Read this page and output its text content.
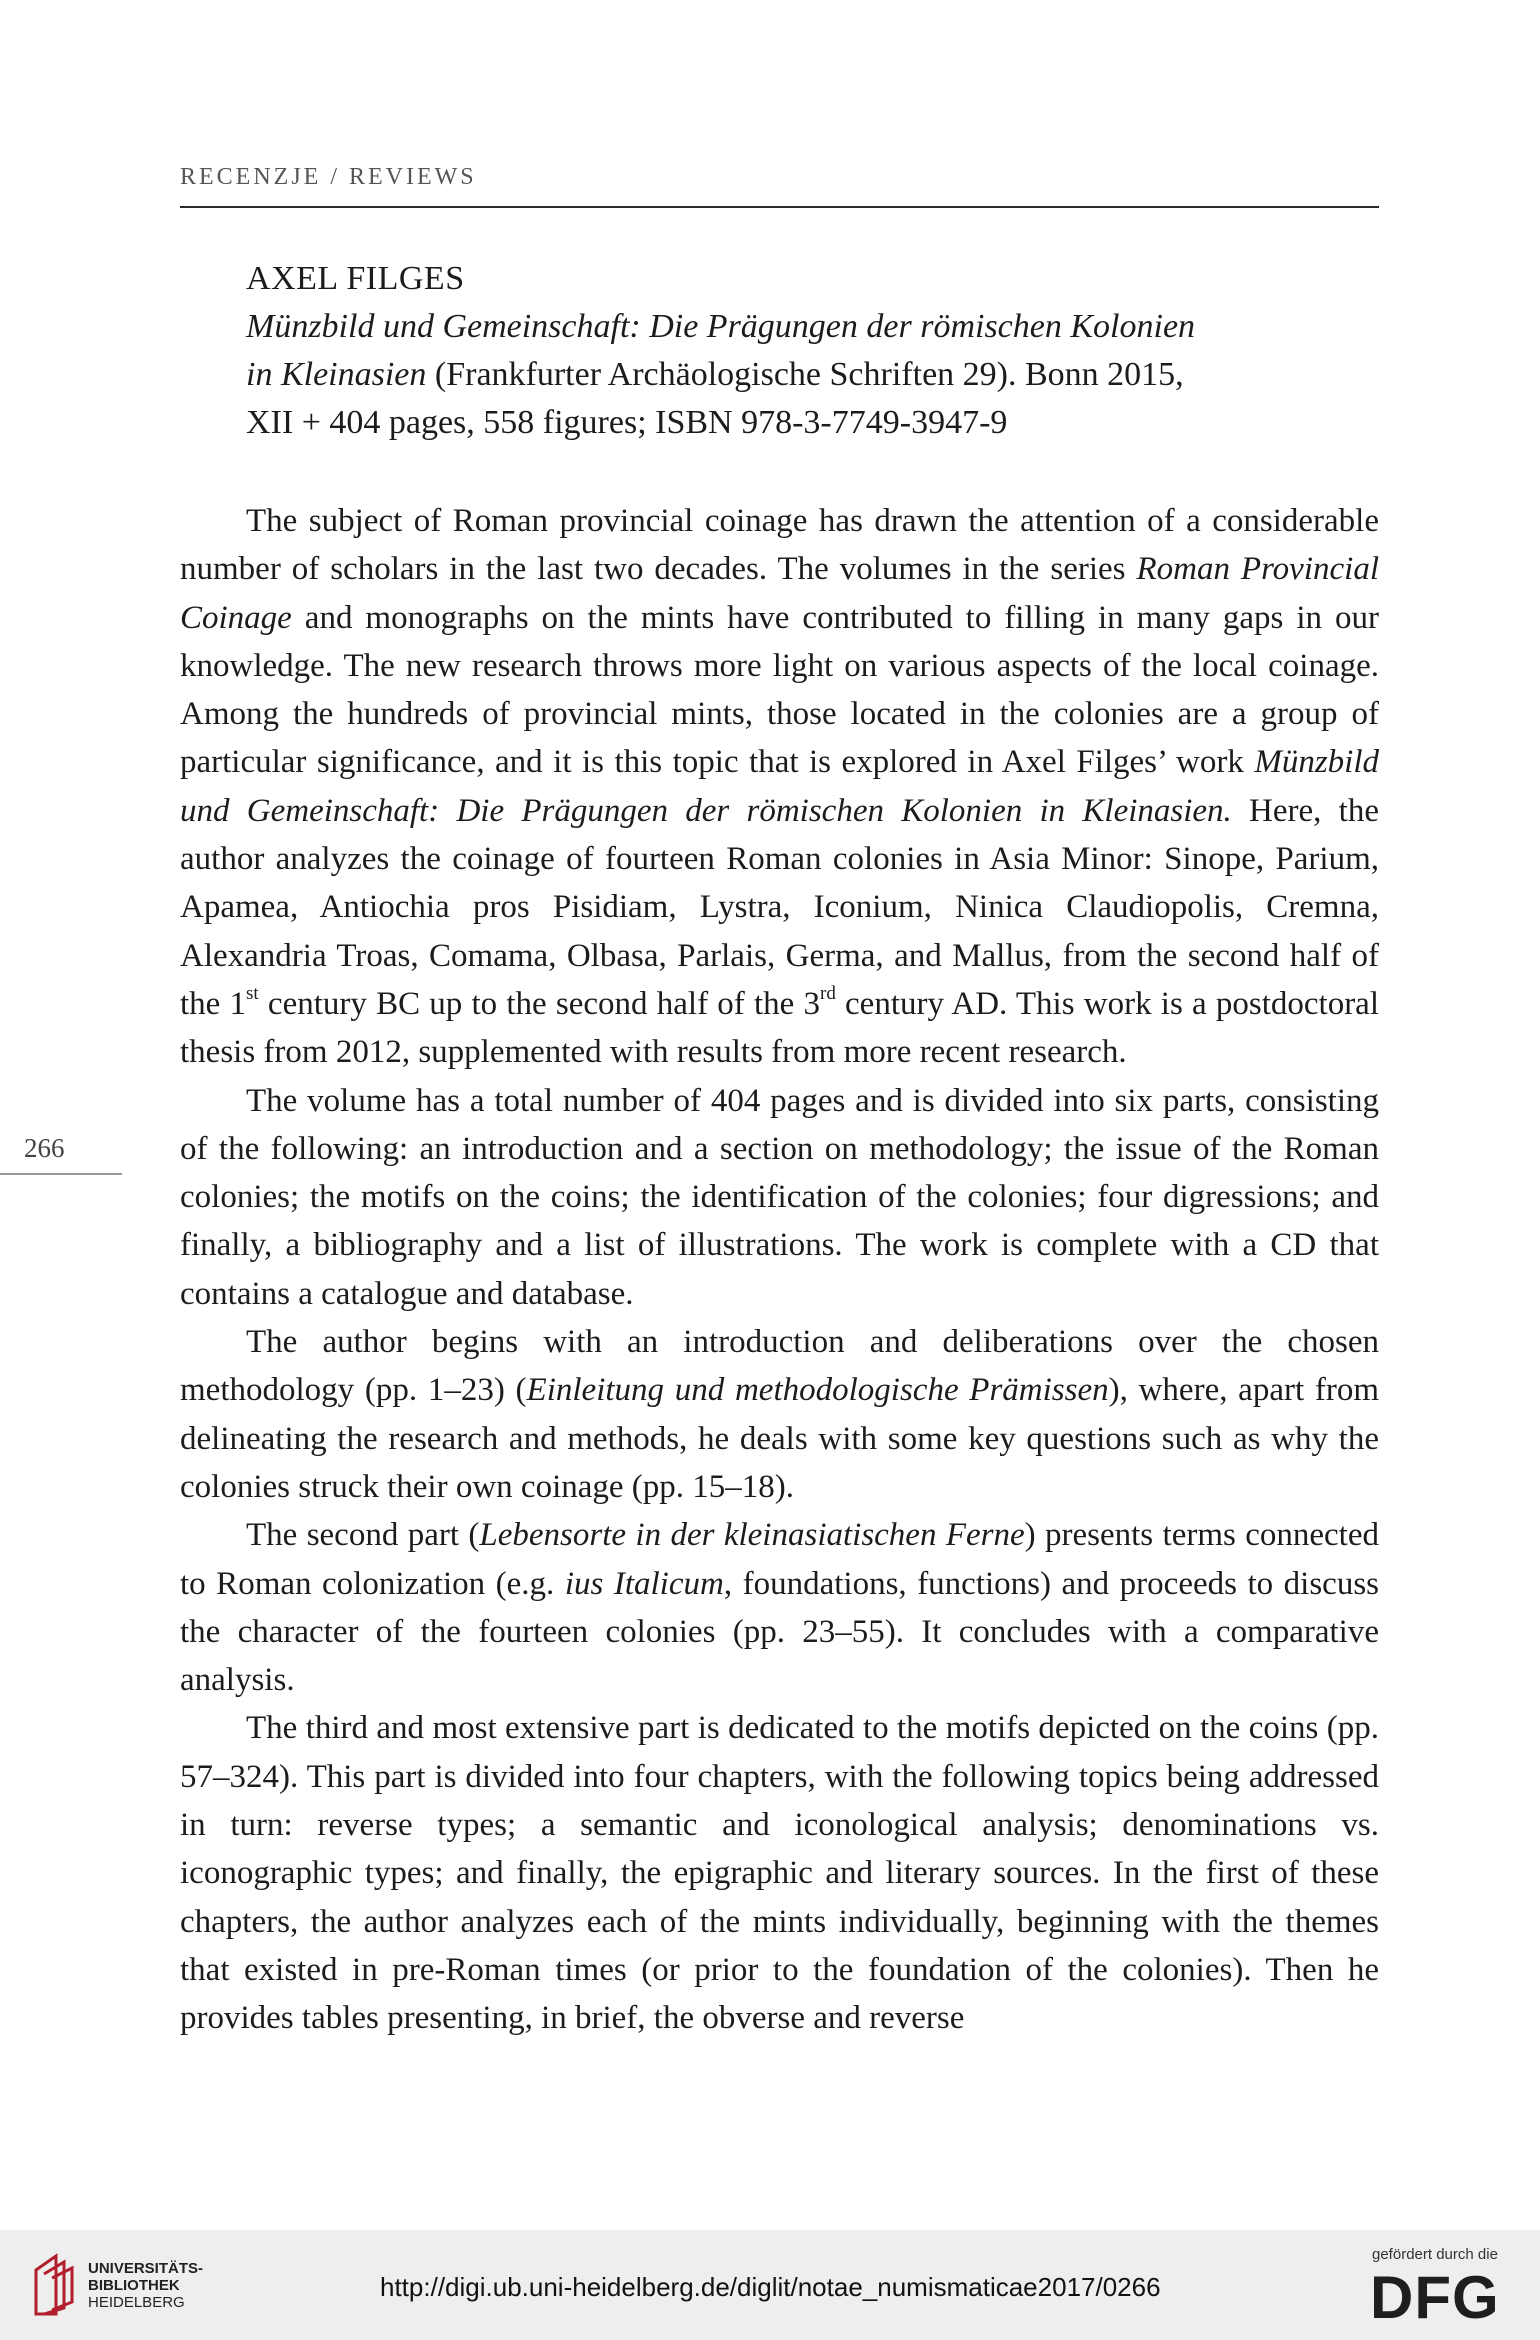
RECENZJE / REVIEWS
AXEL FILGES
Münzbild und Gemeinschaft: Die Prägungen der römischen Kolonien
in Kleinasien (Frankfurter Archäologische Schriften 29). Bonn 2015,
XII + 404 pages, 558 figures; ISBN 978-3-7749-3947-9

The subject of Roman provincial coinage has drawn the attention of a considerable number of scholars in the last two decades. The volumes in the series Roman Provincial Coinage and monographs on the mints have contributed to filling in many gaps in our knowledge. The new research throws more light on various aspects of the local coinage. Among the hundreds of provincial mints, those located in the colonies are a group of particular significance, and it is this topic that is explored in Axel Filges’ work Münzbild und Gemeinschaft: Die Prägungen der römischen Kolonien in Kleinasien. Here, the author analyzes the coinage of fourteen Roman colonies in Asia Minor: Sinope, Parium, Apamea, Antiochia pros Pisidiam, Lystra, Iconium, Ninica Claudiopolis, Cremna, Alexandria Troas, Comama, Olbasa, Parlais, Germa, and Mallus, from the second half of the 1st century BC up to the second half of the 3rd century AD. This work is a postdoctoral thesis from 2012, supplemented with results from more recent research.

The volume has a total number of 404 pages and is divided into six parts, consisting of the following: an introduction and a section on methodology; the issue of the Roman colonies; the motifs on the coins; the identification of the colonies; four digressions; and finally, a bibliography and a list of illustrations. The work is complete with a CD that contains a catalogue and database.

The author begins with an introduction and deliberations over the chosen methodology (pp. 1–23) (Einleitung und methodologische Prämissen), where, apart from delineating the research and methods, he deals with some key questions such as why the colonies struck their own coinage (pp. 15–18).

The second part (Lebensorte in der kleinasiatischen Ferne) presents terms connected to Roman colonization (e.g. ius Italicum, foundations, functions) and proceeds to discuss the character of the fourteen colonies (pp. 23–55). It concludes with a comparative analysis.

The third and most extensive part is dedicated to the motifs depicted on the coins (pp. 57–324). This part is divided into four chapters, with the following topics being addressed in turn: reverse types; a semantic and iconological analysis; denominations vs. iconographic types; and finally, the epigraphic and literary sources. In the first of these chapters, the author analyzes each of the mints individually, beginning with the themes that existed in pre-Roman times (or prior to the foundation of the colonies). Then he provides tables presenting, in brief, the obverse and reverse

266
UNIVERSITÄTS-
BIBLIOTHEK
HEIDELBERG
http://digi.ub.uni-heidelberg.de/diglit/notae_numismaticae2017/0266
gefördert durch die
DFG
